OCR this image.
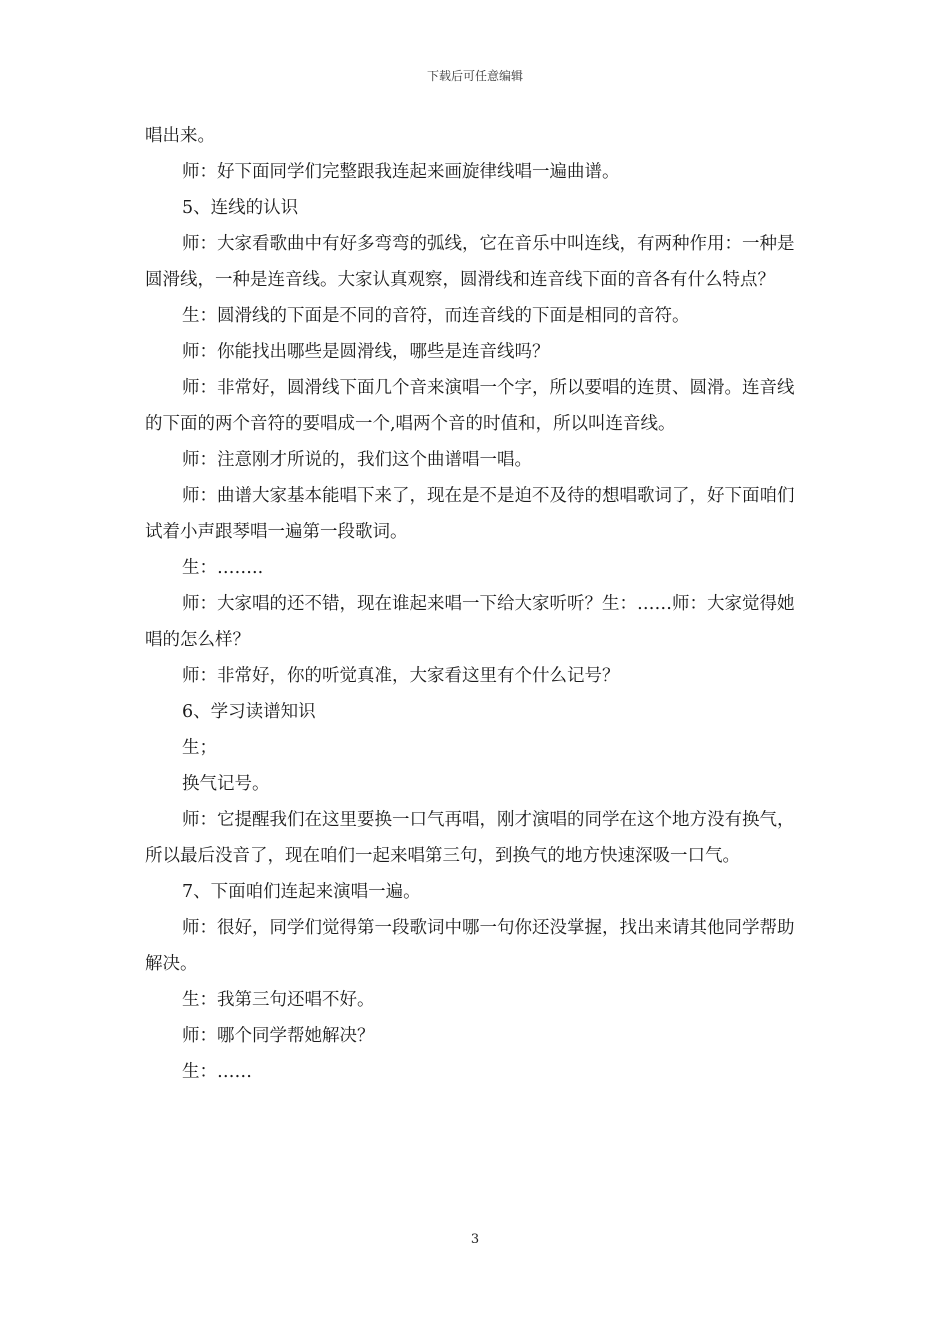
下载后可任意编辑

唱出来。

师：好下面同学们完整跟我连起来画旋律线唱一遍曲谱。

5、连线的认识

师：大家看歌曲中有好多弯弯的弧线，它在音乐中叫连线，有两种作用：一种是圆滑线，一种是连音线。大家认真观察，圆滑线和连音线下面的音各有什么特点？

生：圆滑线的下面是不同的音符，而连音线的下面是相同的音符。

师：你能找出哪些是圆滑线，哪些是连音线吗？

师：非常好，圆滑线下面几个音来演唱一个字，所以要唱的连贯、圆滑。连音线的下面的两个音符的要唱成一个,唱两个音的时值和，所以叫连音线。

师：注意刚才所说的，我们这个曲谱唱一唱。

师：曲谱大家基本能唱下来了，现在是不是迫不及待的想唱歌词了，好下面咱们试着小声跟琴唱一遍第一段歌词。

生：……..

师：大家唱的还不错，现在谁起来唱一下给大家听听？生：……师：大家觉得她唱的怎么样？

师：非常好，你的听觉真准，大家看这里有个什么记号？

6、学习读谱知识

生；

换气记号。

师：它提醒我们在这里要换一口气再唱，刚才演唱的同学在这个地方没有换气，所以最后没音了，现在咱们一起来唱第三句，到换气的地方快速深吸一口气。

7、下面咱们连起来演唱一遍。

师：很好，同学们觉得第一段歌词中哪一句你还没掌握，找出来请其他同学帮助解决。

生：我第三句还唱不好。

师：哪个同学帮她解决？

生：……

3
